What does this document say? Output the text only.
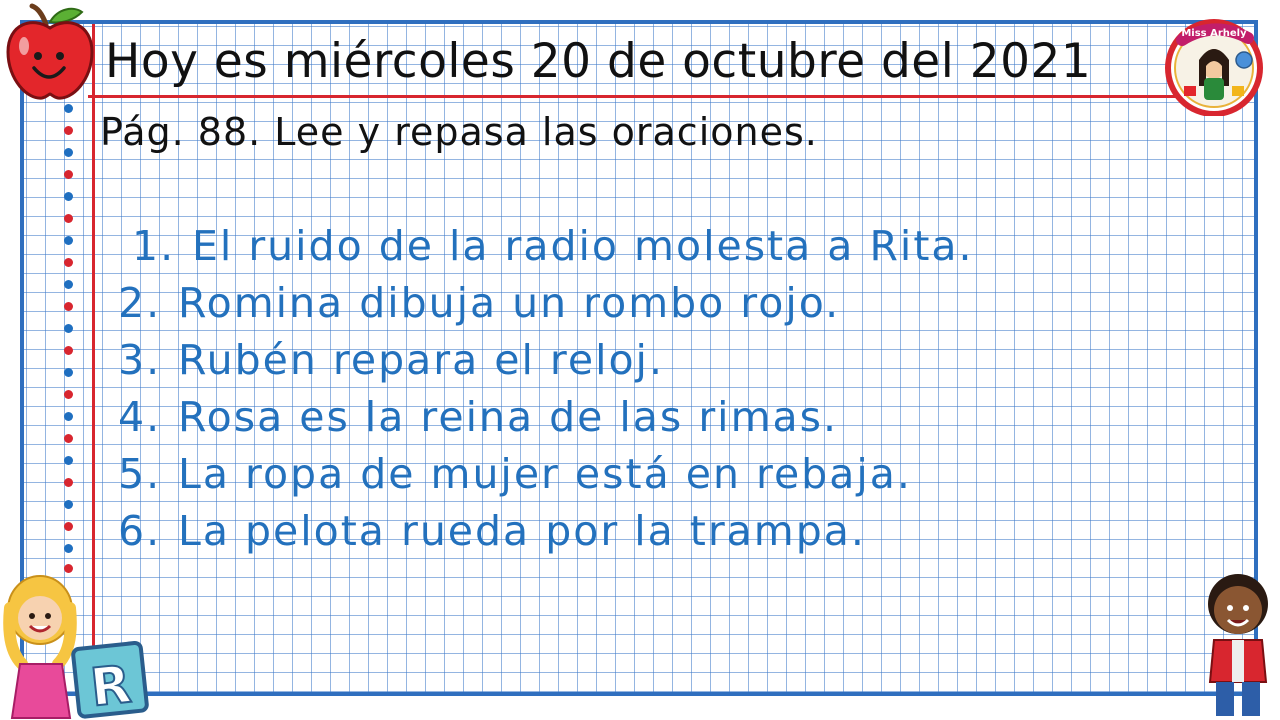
Miss Arhely
R
Hoy es miércoles 20 de octubre del 2021

Pág. 88. Lee y repasa las oraciones.

1. El ruido de la radio molesta a Rita.
2. Romina dibuja un rombo rojo.
3. Rubén repara el reloj.
4. Rosa es la reina de las rimas.
5. La ropa de mujer está en rebaja.
6. La pelota rueda por la trampa.
